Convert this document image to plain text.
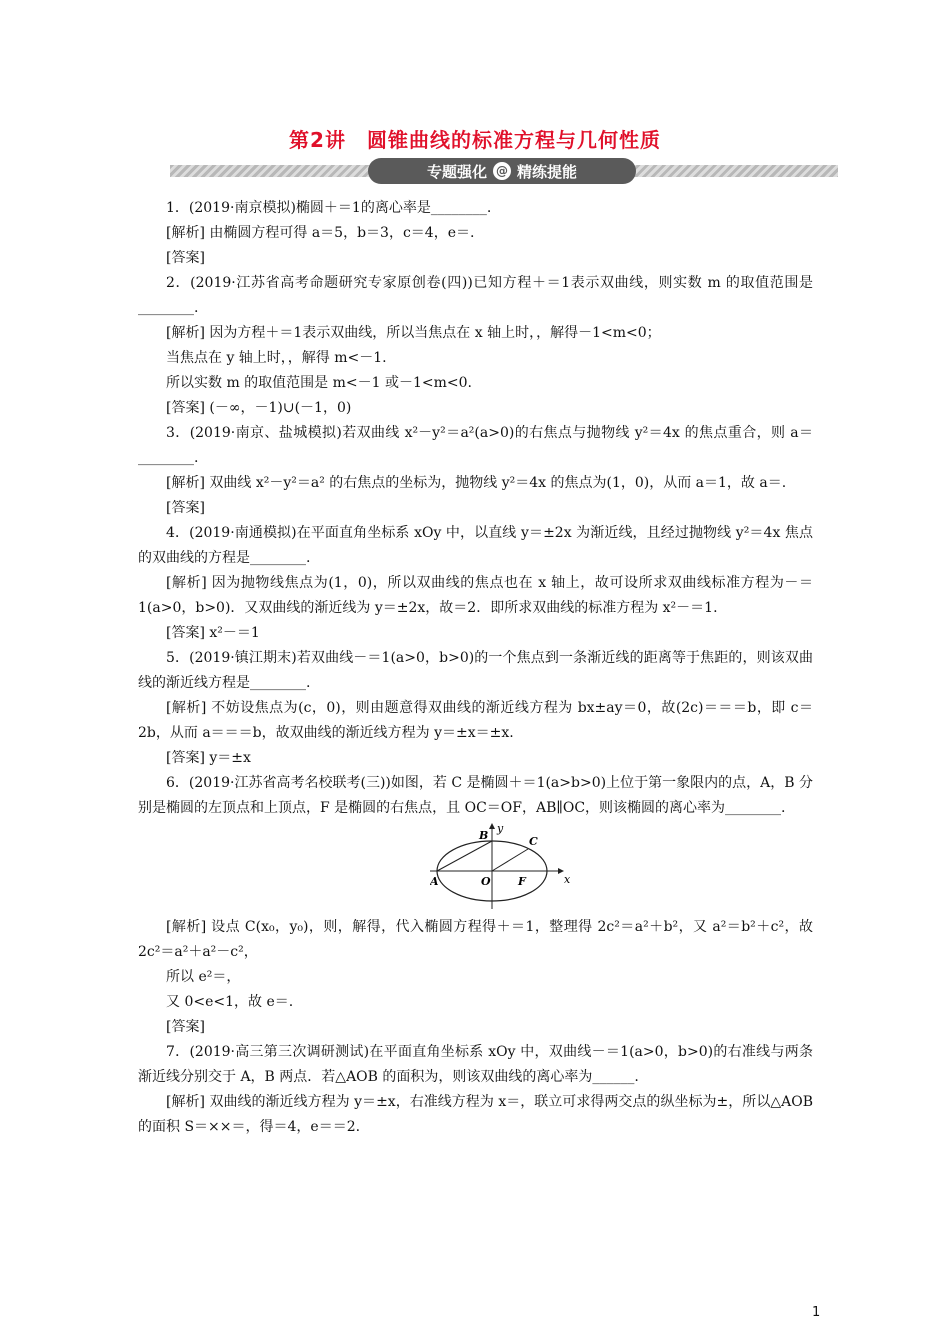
第2讲　圆锥曲线的标准方程与几何性质
专题强化 @ 精练提能

1．(2019·南京模拟)椭圆＋＝1的离心率是________.

[解析] 由椭圆方程可得 a＝5，b＝3，c＝4，e＝.

[答案]

2．(2019·江苏省高考命题研究专家原创卷(四))已知方程＋＝1表示双曲线，则实数 m 的取值范围是________.

[解析] 因为方程＋＝1表示双曲线，所以当焦点在 x 轴上时，，解得－1<m<0；

当焦点在 y 轴上时，，解得 m<－1.

所以实数 m 的取值范围是 m<－1 或－1<m<0.

[答案] (－∞，－1)∪(－1，0)

3．(2019·南京、盐城模拟)若双曲线 x²－y²＝a²(a>0)的右焦点与抛物线 y²＝4x 的焦点重合，则 a＝________.

[解析] 双曲线 x²－y²＝a² 的右焦点的坐标为，抛物线 y²＝4x 的焦点为(1，0)，从而 a＝1，故 a＝.

[答案]

4．(2019·南通模拟)在平面直角坐标系 xOy 中，以直线 y＝±2x 为渐近线，且经过抛物线 y²＝4x 焦点的双曲线的方程是________.

[解析] 因为抛物线焦点为(1，0)，所以双曲线的焦点也在 x 轴上，故可设所求双曲线标准方程为－＝1(a>0，b>0)．又双曲线的渐近线为 y＝±2x，故＝2．即所求双曲线的标准方程为 x²－＝1.

[答案] x²－＝1

5．(2019·镇江期末)若双曲线－＝1(a>0，b>0)的一个焦点到一条渐近线的距离等于焦距的，则该双曲线的渐近线方程是________.

[解析] 不妨设焦点为(c，0)，则由题意得双曲线的渐近线方程为 bx±ay＝0，故(2c)＝＝＝b，即 c＝2b，从而 a＝＝＝b，故双曲线的渐近线方程为 y＝±x＝±x.

[答案] y＝±x

6．(2019·江苏省高考名校联考(三))如图，若 C 是椭圆＋＝1(a>b>0)上位于第一象限内的点，A，B 分别是椭圆的左顶点和上顶点，F 是椭圆的右焦点，且 OC＝OF，AB∥OC，则该椭圆的离心率为________.

B
y
C
A	O F	x

[解析] 设点 C(x₀，y₀)，则，解得，代入椭圆方程得＋＝1，整理得 2c²＝a²＋b²，又 a²＝b²＋c²，故 2c²＝a²＋a²－c²，

所以 e²＝，

又 0<e<1，故 e＝.

[答案]

7．(2019·高三第三次调研测试)在平面直角坐标系 xOy 中，双曲线－＝1(a>0，b>0)的右准线与两条渐近线分别交于 A，B 两点．若△AOB 的面积为，则该双曲线的离心率为______.

[解析] 双曲线的渐近线方程为 y＝±x，右准线方程为 x＝，联立可求得两交点的纵坐标为±，所以△AOB 的面积 S＝××＝，得＝4，e＝＝2.

1
